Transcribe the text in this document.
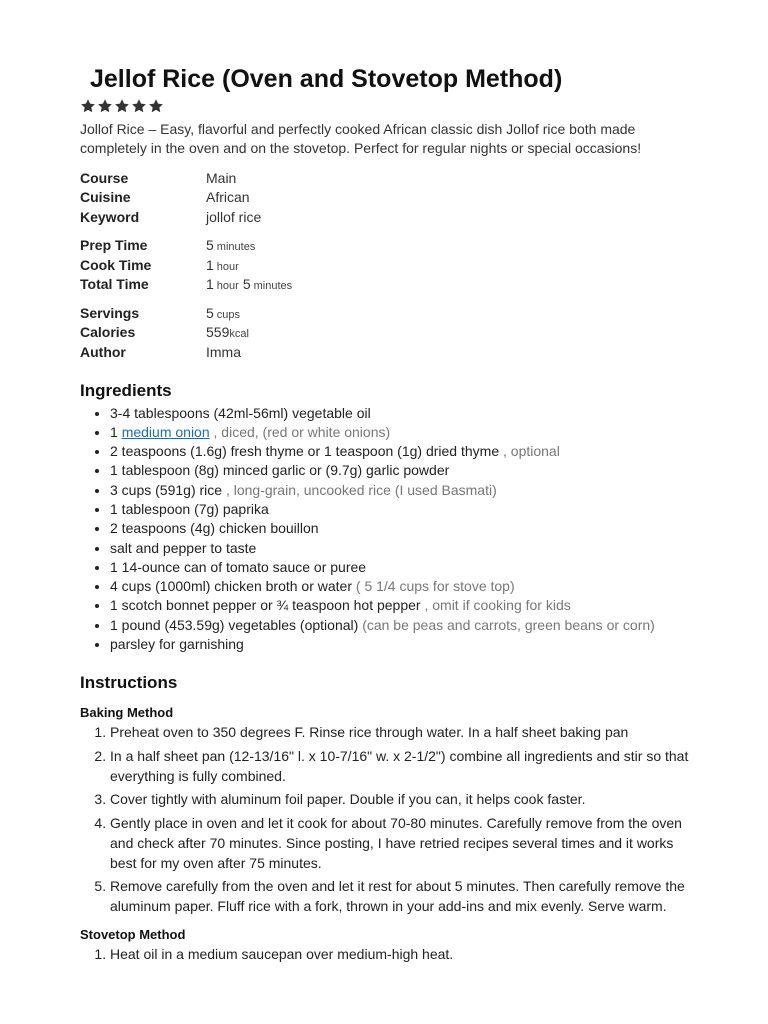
Jellof Rice (Oven and Stovetop Method)
Jollof Rice – Easy, flavorful and perfectly cooked African classic dish Jollof rice both made completely in the oven and on the stovetop. Perfect for regular nights or special occasions!
Course	Main
Cuisine	African
Keyword	jollof rice
Prep Time	5 minutes
Cook Time	1 hour
Total Time	1 hour 5 minutes
Servings	5 cups
Calories	559kcal
Author	Imma
Ingredients
• 3-4 tablespoons (42ml-56ml) vegetable oil
• 1 medium onion , diced, (red or white onions)
• 2 teaspoons (1.6g) fresh thyme or 1 teaspoon (1g) dried thyme , optional
• 1 tablespoon (8g) minced garlic or (9.7g) garlic powder
• 3 cups (591g) rice , long-grain, uncooked rice (I used Basmati)
• 1 tablespoon (7g) paprika
• 2 teaspoons (4g) chicken bouillon
• salt and pepper to taste
• 1 14-ounce can of tomato sauce or puree
• 4 cups (1000ml) chicken broth or water ( 5 1/4 cups for stove top)
• 1 scotch bonnet pepper or ¾ teaspoon hot pepper , omit if cooking for kids
• 1 pound (453.59g) vegetables (optional) (can be peas and carrots, green beans or corn)
• parsley for garnishing
Instructions
Baking Method
1. Preheat oven to 350 degrees F. Rinse rice through water. In a half sheet baking pan
2. In a half sheet pan (12-13/16" l. x 10-7/16" w. x 2-1/2") combine all ingredients and stir so that everything is fully combined.
3. Cover tightly with aluminum foil paper. Double if you can, it helps cook faster.
4. Gently place in oven and let it cook for about 70-80 minutes. Carefully remove from the oven and check after 70 minutes. Since posting, I have retried recipes several times and it works best for my oven after 75 minutes.
5. Remove carefully from the oven and let it rest for about 5 minutes. Then carefully remove the aluminum paper. Fluff rice with a fork, thrown in your add-ins and mix evenly. Serve warm.
Stovetop Method
1. Heat oil in a medium saucepan over medium-high heat.
